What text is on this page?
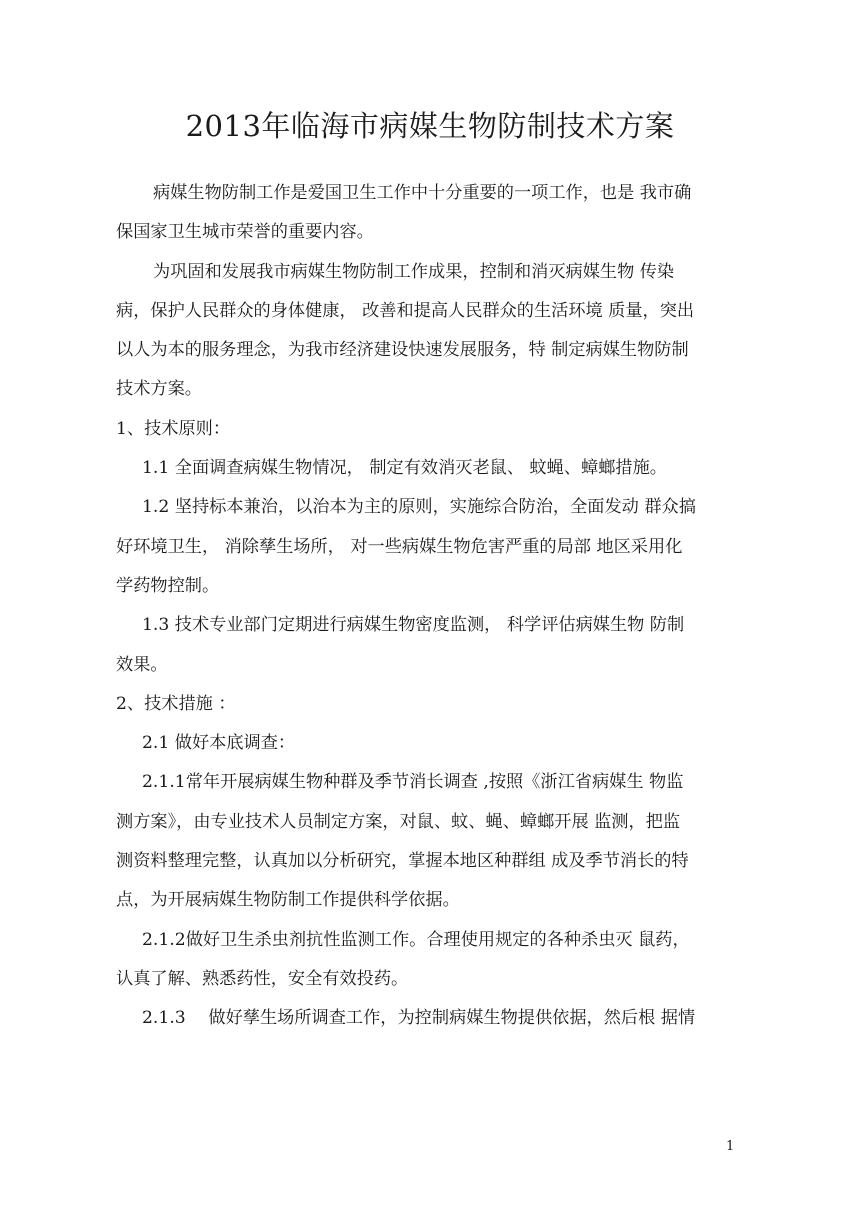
2013年临海市病媒生物防制技术方案
病媒生物防制工作是爱国卫生工作中十分重要的一项工作，也是 我市确
保国家卫生城市荣誉的重要内容。
为巩固和发展我市病媒生物防制工作成果，控制和消灭病媒生物 传染
病，保护人民群众的身体健康， 改善和提高人民群众的生活环境 质量，突出
以人为本的服务理念，为我市经济建设快速发展服务，特 制定病媒生物防制
技术方案。
1、技术原则：
1.1 全面调查病媒生物情况， 制定有效消灭老鼠、 蚊蝇、蟑螂措施。
1.2 坚持标本兼治，以治本为主的原则，实施综合防治，全面发动 群众搞
好环境卫生， 消除孳生场所， 对一些病媒生物危害严重的局部 地区采用化
学药物控制。
1.3 技术专业部门定期进行病媒生物密度监测， 科学评估病媒生物 防制
效果。
2、技术措施 ：
2.1 做好本底调查：
2.1.1常年开展病媒生物种群及季节消长调查 ,按照《浙江省病媒生 物监
测方案》，由专业技术人员制定方案，对鼠、蚊、蝇、蟑螂开展 监测，把监
测资料整理完整，认真加以分析研究，掌握本地区种群组 成及季节消长的特
点，为开展病媒生物防制工作提供科学依据。
2.1.2做好卫生杀虫剂抗性监测工作。合理使用规定的各种杀虫灭 鼠药，
认真了解、熟悉药性，安全有效投药。
2.1.3　 做好孳生场所调查工作，为控制病媒生物提供依据，然后根 据情
1
